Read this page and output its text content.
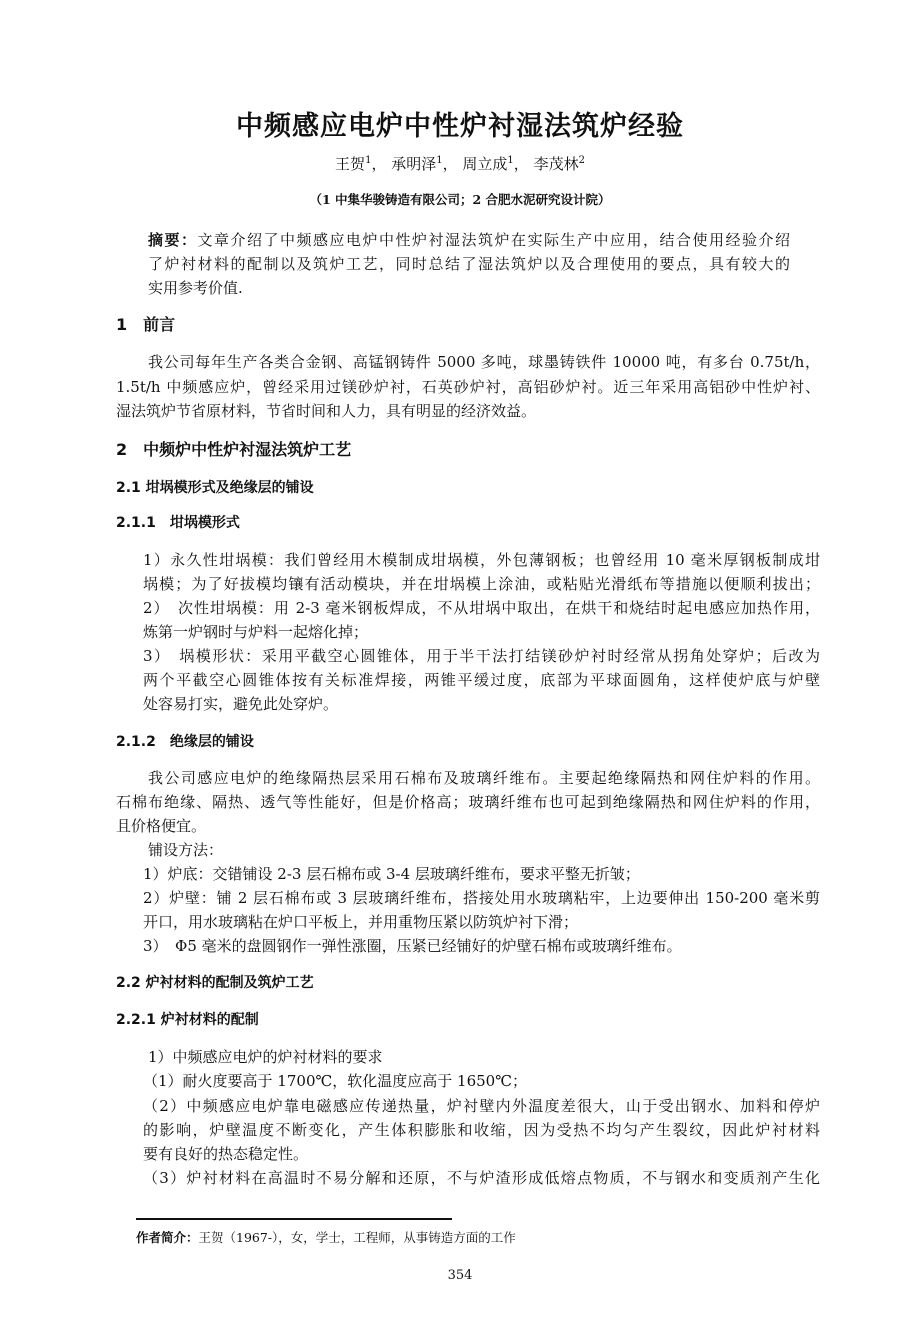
中频感应电炉中性炉衬湿法筑炉经验
王贺$^1$， 承明泽$^1$， 周立成$^1$， 李茂林$^2$
（1 中集华骏铸造有限公司；2 合肥水泥研究设计院）
摘要：文章介绍了中频感应电炉中性炉衬湿法筑炉在实际生产中应用，结合使用经验介绍
了炉衬材料的配制以及筑炉工艺，同时总结了湿法筑炉以及合理使用的要点，具有较大的
实用参考价值.
1　前言
我公司每年生产各类合金钢、高锰钢铸件 5000 多吨，球墨铸铁件 10000 吨，有多台 0.75t/h，
1.5t/h 中频感应炉，曾经采用过镁砂炉衬，石英砂炉衬，高铝砂炉衬。近三年采用高铝砂中性炉衬、
湿法筑炉节省原材料，节省时间和人力，具有明显的经济效益。
2　中频炉中性炉衬湿法筑炉工艺
2.1 坩埚模形式及绝缘层的铺设
2.1.1　坩埚模形式
1）永久性坩埚模：我们曾经用木模制成坩埚模，外包薄钢板；也曾经用 10 毫米厚钢板制成坩
埚模；为了好拔模均镶有活动模块，并在坩埚模上涂油，或粘贴光滑纸布等措施以便顺利拔出；
2）　次性坩埚模：用 2-3 毫米钢板焊成，不从坩埚中取出，在烘干和烧结时起电感应加热作用，
炼第一炉钢时与炉料一起熔化掉；
3）　埚模形状：采用平截空心圆锥体，用于半干法打结镁砂炉衬时经常从拐角处穿炉；后改为
两个平截空心圆锥体按有关标准焊接，两锥平缓过度，底部为平球面圆角，这样使炉底与炉壁
处容易打实，避免此处穿炉。
2.1.2　绝缘层的铺设
我公司感应电炉的绝缘隔热层采用石棉布及玻璃纤维布。主要起绝缘隔热和网住炉料的作用。
石棉布绝缘、隔热、透气等性能好，但是价格高；玻璃纤维布也可起到绝缘隔热和网住炉料的作用，
且价格便宜。
铺设方法：
1）炉底：交错铺设 2-3 层石棉布或 3-4 层玻璃纤维布，要求平整无折皱；
2）炉壁：铺 2 层石棉布或 3 层玻璃纤维布，搭接处用水玻璃粘牢，上边要伸出 150-200 毫米剪
开口，用水玻璃粘在炉口平板上，并用重物压紧以防筑炉衬下滑；
3）　Φ5 毫米的盘圆钢作一弹性涨圈，压紧已经铺好的炉壁石棉布或玻璃纤维布。
2.2 炉衬材料的配制及筑炉工艺
2.2.1 炉衬材料的配制
1）中频感应电炉的炉衬材料的要求
（1）耐火度要高于 1700℃，软化温度应高于 1650℃；
（2）中频感应电炉靠电磁感应传递热量，炉衬壁内外温度差很大，山于受出钢水、加料和停炉
的影响，炉壁温度不断变化，产生体积膨胀和收缩，因为受热不均匀产生裂纹，因此炉衬材料
要有良好的热态稳定性。
（3）炉衬材料在高温时不易分解和还原，不与炉渣形成低熔点物质，不与钢水和变质剂产生化
作者简介：王贺（1967-），女，学士，工程师，从事铸造方面的工作
354
